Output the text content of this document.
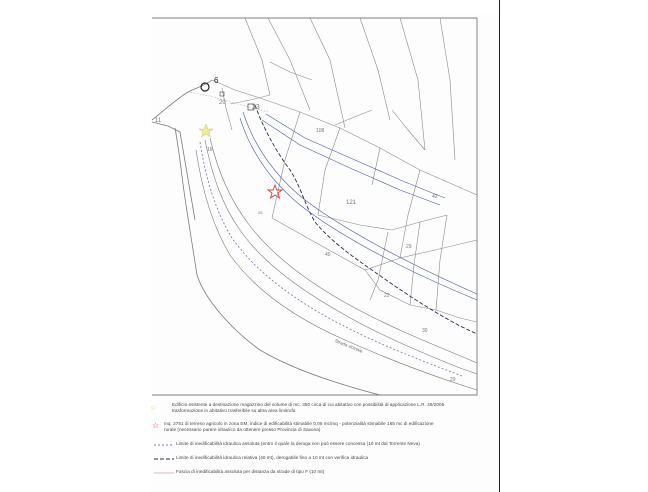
6
20
23
11
108
16
121
25
40
29
42
22
30
29
Strada vicinale
☆
Edificio esistente a destinazione magazzino del volume di mc. 350 circa di cui abitativo con possibilità di applicazione L.R. 49/2005
trasformazione in abitativo trasferibile su altra area limitrofa
☆ mq. 2751 di terreno agricolo in zona EM, indice di edificabilità stimabile 0,06 mc/mq - potenzialità stimabile 165 mc di edificazione
rurale (necessario parere idraulico da ottenere presso Provincia di Savona)
Limite di inedificabilità idraulica assoluta (entro il quale la deroga non può essere concessa (10 mt dal Torrente Neva)
Limite di inedificabilità idraulica relativa (40 mt), derogabile fino a 10 mt con verifica idraulica
Fascia di inedificabilità assoluta per distanza da strade di tipo F (10 mt)
